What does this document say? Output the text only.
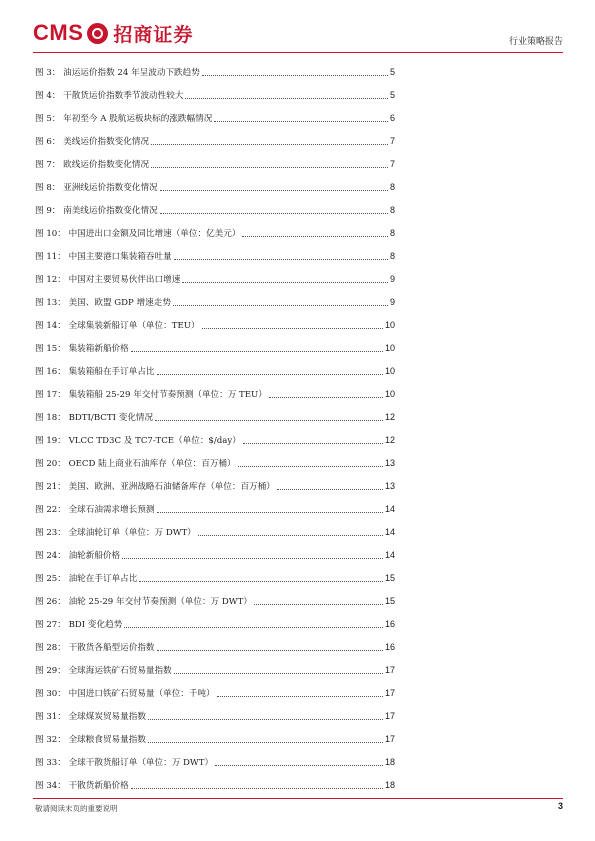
CMS 招商证券	行业策略报告
图 3： 油运运价指数 24 年呈波动下跌趋势	5
图 4： 干散货运价指数季节波动性较大	5
图 5： 年初至今 A 股航运板块标的涨跌幅情况	6
图 6： 美线运价指数变化情况	7
图 7： 欧线运价指数变化情况	7
图 8： 亚洲线运价指数变化情况	8
图 9： 南美线运价指数变化情况	8
图 10： 中国进出口金额及同比增速（单位：亿美元）	8
图 11： 中国主要港口集装箱吞吐量	8
图 12： 中国对主要贸易伙伴出口增速	9
图 13： 美国、欧盟 GDP 增速走势	9
图 14： 全球集装新船订单（单位：TEU）	10
图 15： 集装箱新船价格	10
图 16： 集装箱船在手订单占比	10
图 17： 集装箱船 25-29 年交付节奏预测（单位：万 TEU）	10
图 18： BDTI/BCTI 变化情况	12
图 19： VLCC TD3C 及 TC7-TCE（单位：$/day）	12
图 20： OECD 陆上商业石油库存（单位：百万桶）	13
图 21： 美国、欧洲、亚洲战略石油储备库存（单位：百万桶）	13
图 22： 全球石油需求增长预测	14
图 23： 全球油轮订单（单位：万 DWT）	14
图 24： 油轮新船价格	14
图 25： 油轮在手订单占比	15
图 26： 油轮 25-29 年交付节奏预测（单位：万 DWT）	15
图 27： BDI 变化趋势	16
图 28： 干散货各船型运价指数	16
图 29： 全球海运铁矿石贸易量指数	17
图 30： 中国进口铁矿石贸易量（单位：千吨）	17
图 31： 全球煤炭贸易量指数	17
图 32： 全球粮食贸易量指数	17
图 33： 全球干散货船订单（单位：万 DWT）	18
图 34： 干散货新船价格	18
敬请阅读末页的重要说明	3
